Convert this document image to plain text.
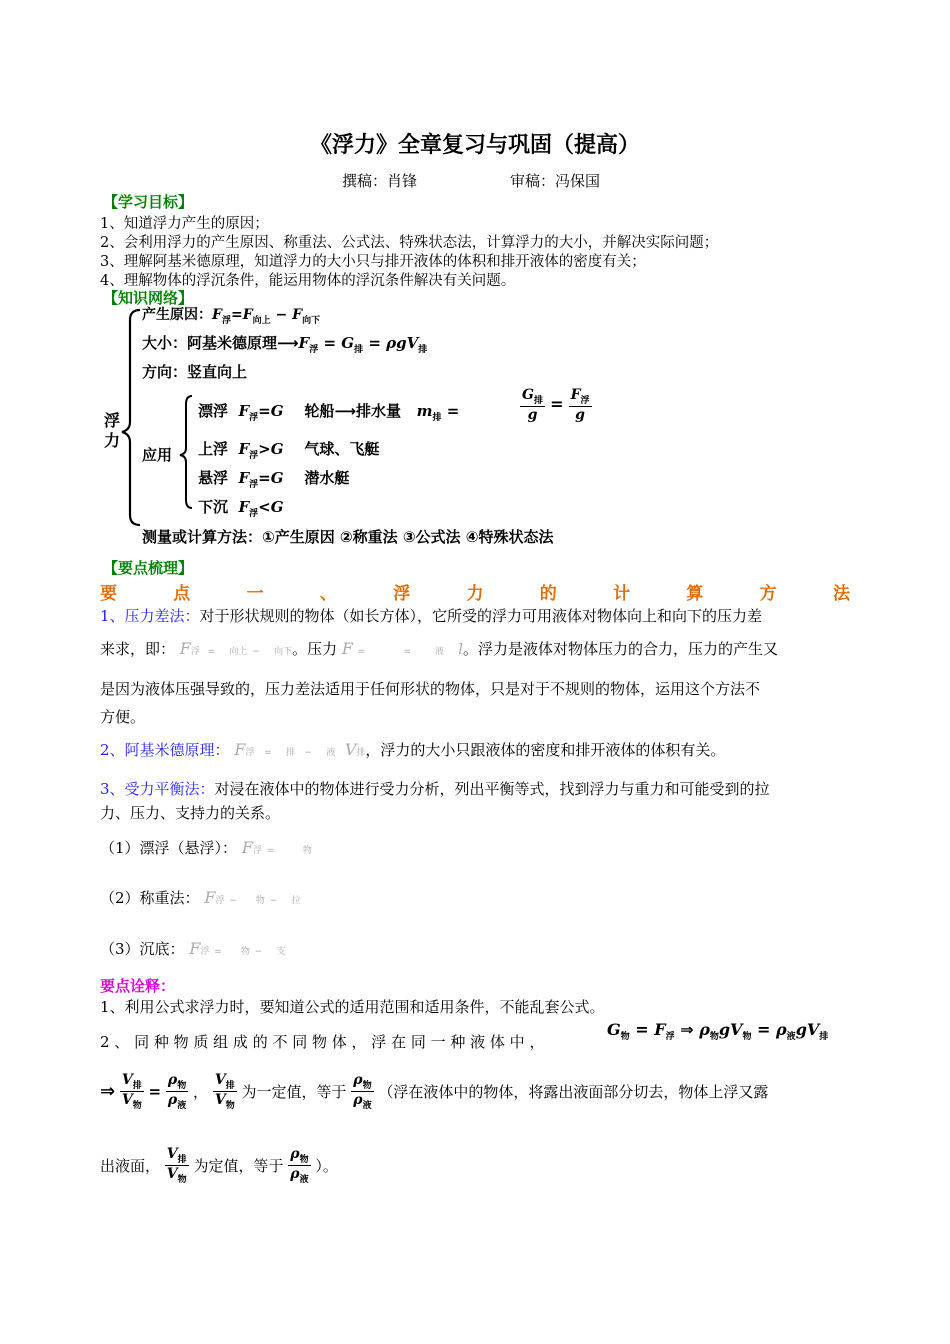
《浮力》全章复习与巩固（提高）
撰稿：肖锋	审稿：冯保国
【学习目标】
1、知道浮力产生的原因；
2、会利用浮力的产生原因、称重法、公式法、特殊状态法，计算浮力的大小，并解决实际问题；
3、理解阿基米德原理，知道浮力的大小只与排开液体的体积和排开液体的密度有关；
4、理解物体的浮沉条件，能运用物体的浮沉条件解决有关问题。
【知识网络】
浮
力
产生原因：$F_浮=F_{向上} - F_{向下}$
大小：阿基米德原理$⟶F_浮 = G_排 = \rho gV_排$
方向：竖直向上
应用
漂浮 $F_浮=G$ 轮船⟶排水量 $m_排$ =	$\frac{G_排}{g} = \frac{F_浮}{g}$
上浮 $F_浮>G$ 气球、飞艇
悬浮 $F_浮=G$ 潜水艇
下沉 $F_浮<G$
测量或计算方法：①产生原因 ②称重法 ③公式法 ④特殊状态法
【要点梳理】
要	点	一	、	浮	力	的	计	算	方	法
1、压力差法：对于形状规则的物体（如长方体），它所受的浮力可用液体对物体向上和向下的压力差
来求，即： F浮 = 向上 − 向下。压力 F =	=	液 l。浮力是液体对物体压力的合力，压力的产生又
是因为液体压强导致的，压力差法适用于任何形状的物体，只是对于不规则的物体，运用这个方法不
方便。
2、阿基米德原理： F浮 = 排 − 液 V排，浮力的大小只跟液体的密度和排开液体的体积有关。
3、受力平衡法：对浸在液体中的物体进行受力分析，列出平衡等式，找到浮力与重力和可能受到的拉
力、压力、支持力的关系。
（1）漂浮（悬浮）： F浮 =	物
（2）称重法： F浮 − 物 − 拉
（3）沉底： F浮 = 物 − 支
要点诠释：
1、利用公式求浮力时，要知道公式的适用范围和适用条件，不能乱套公式。
2 、 同 种 物 质 组 成 的 不 同 物 体 ， 浮 在 同 一 种 液 体 中 ，
$G_物 = F_浮$ ⇒ $\rho_物gV_物 = \rho_液gV_排$
⇒ $\frac{V_排}{V_物} = \frac{\rho_物}{\rho_液}$ ， $\frac{V_排}{V_物}$ 为一定值，等于 $\frac{\rho_物}{\rho_液}$ （浮在液体中的物体，将露出液面部分切去，物体上浮又露
出液面， $\frac{V_排}{V_物}$ 为定值，等于 $\frac{\rho_物}{\rho_液}$ ）。
